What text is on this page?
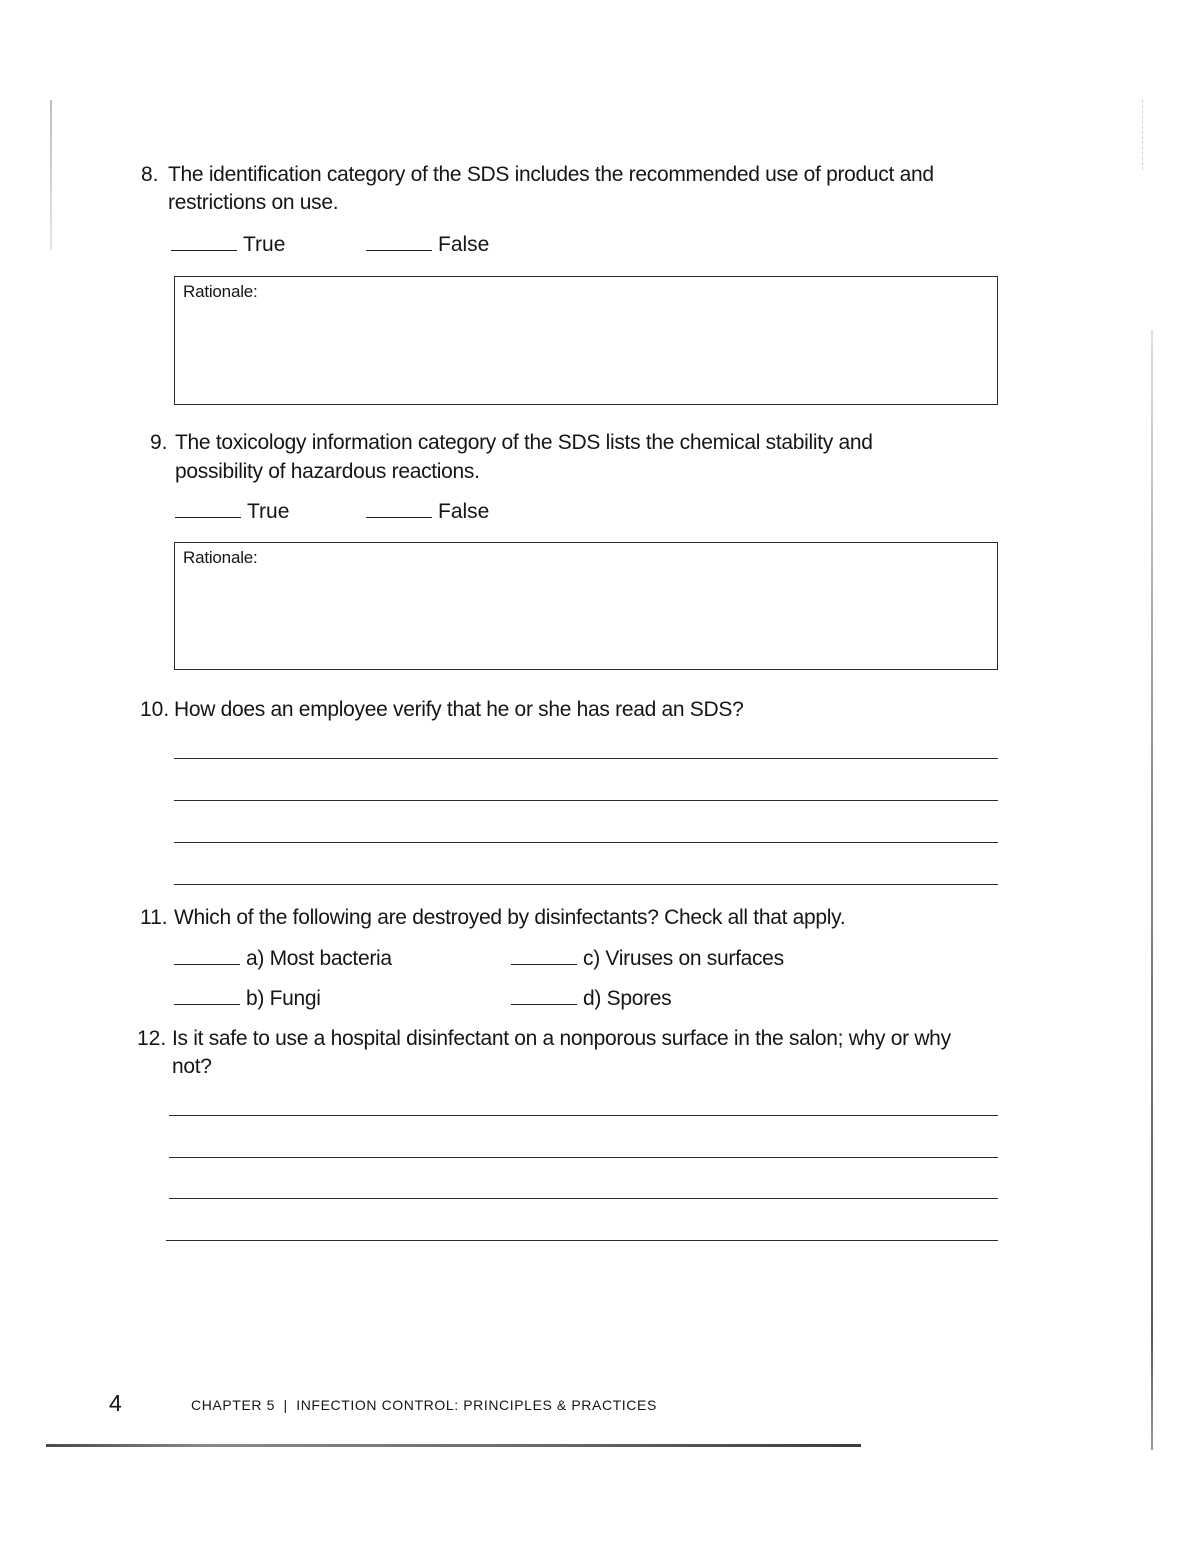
8. The identification category of the SDS includes the recommended use of product and
restrictions on use.
True	False
Rationale:
9. The toxicology information category of the SDS lists the chemical stability and
possibility of hazardous reactions.
True	False
Rationale:
10. How does an employee verify that he or she has read an SDS?
11. Which of the following are destroyed by disinfectants? Check all that apply.
a) Most bacteria	c) Viruses on surfaces
b) Fungi	d) Spores
12. Is it safe to use a hospital disinfectant on a nonporous surface in the salon; why or why
not?
4	CHAPTER 5 | INFECTION CONTROL: PRINCIPLES & PRACTICES
